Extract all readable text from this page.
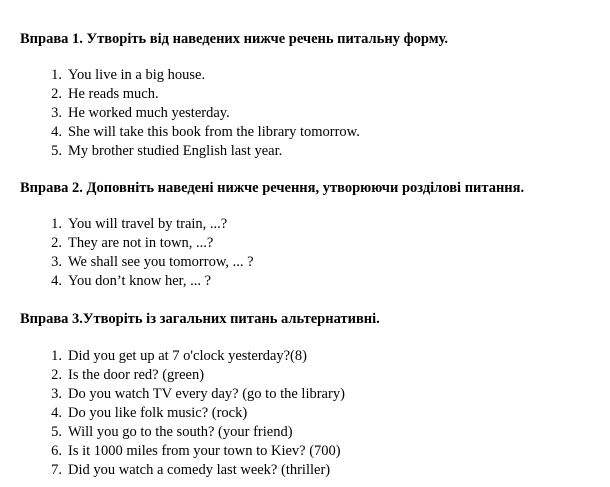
Вправа 1. Утворіть від наведених нижче речень питальну форму.
1. You live in a big house.
2. He reads much.
3. He worked much yesterday.
4. She will take this book from the library tomorrow.
5. My brother studied English last year.
Вправа 2. Доповніть наведені нижче речення, утворюючи розділові питання.
1. You will travel by train, ...?
2. They are not in town, ...?
3. We shall see you tomorrow, ... ?
4. You don’t know her, ... ?
Вправа 3.Утворіть із загальних питань альтернативні.
1. Did you get up at 7 o'clock yesterday?(8)
2. Is the door red? (green)
3. Do you watch TV every day? (go to the library)
4. Do you like folk music? (rock)
5. Will you go to the south? (your friend)
6. Is it 1000 miles from your town to Kiev? (700)
7. Did you watch a comedy last week? (thriller)
